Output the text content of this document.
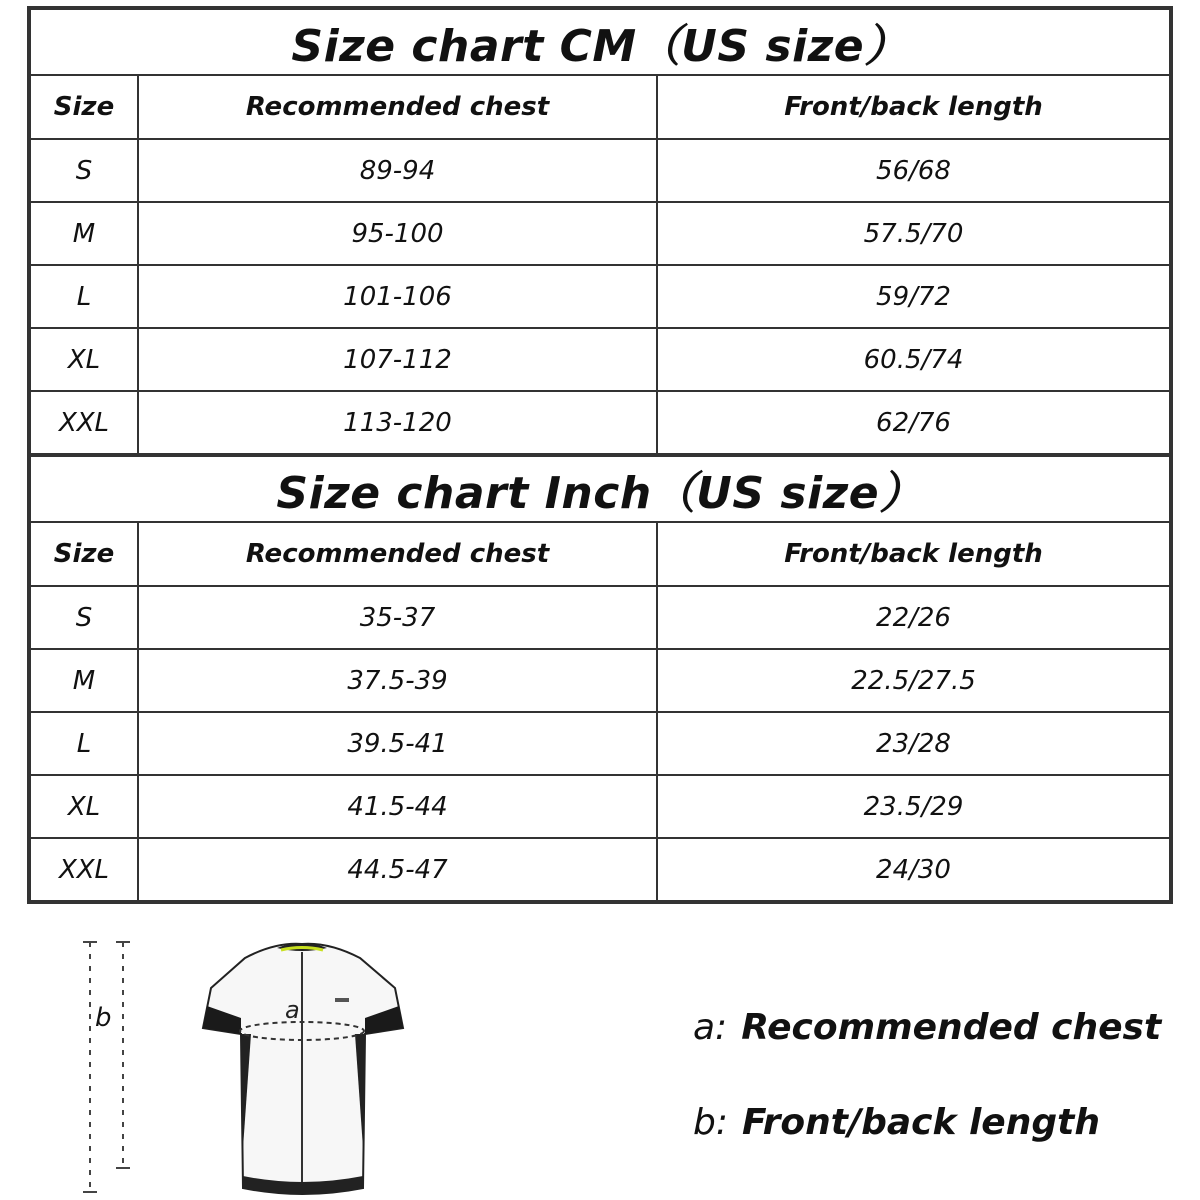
Size chart CM（US size）		
Size	Recommended chest	Front/back length
S	89-94	56/68
M	95-100	57.5/70
L	101-106	59/72
XL	107-112	60.5/74
XXL	113-120	62/76
Size chart Inch（US size）		
Size	Recommended chest	Front/back length
S	35-37	22/26
M	37.5-39	22.5/27.5
L	39.5-41	23/28
XL	41.5-44	23.5/29
XXL	44.5-47	24/30
b	a	a: Recommended chest
b: Front/back length
